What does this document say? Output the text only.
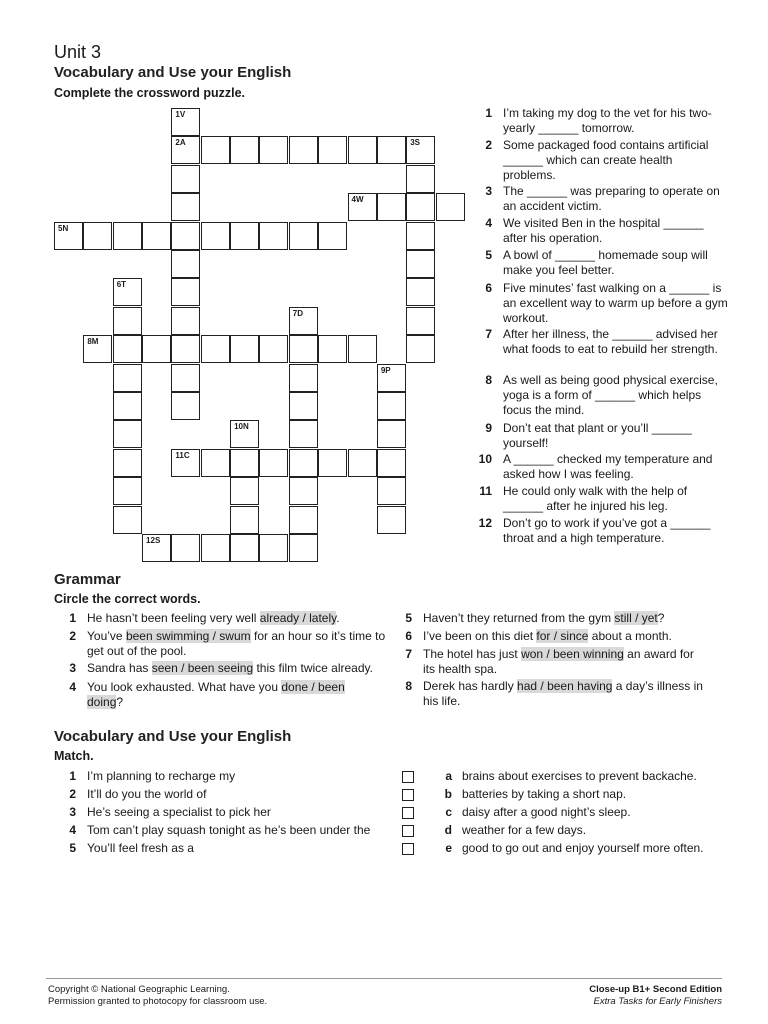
Unit 3
Vocabulary and Use your English
Complete the crossword puzzle.
1V
2A	3S
4W
5N
6T
7D
8M
9P
10N
11C
12S
1 I’m taking my dog to the vet for his two-yearly ______ tomorrow.
2 Some packaged food contains artificial ______ which can create health problems.
3 The ______ was preparing to operate on an accident victim.
4 We visited Ben in the hospital ______ after his operation.
5 A bowl of ______ homemade soup will make you feel better.
6 Five minutes’ fast walking on a ______ is an excellent way to warm up before a gym workout.
7 After her illness, the ______ advised her what foods to eat to rebuild her strength.
8 As well as being good physical exercise, yoga is a form of ______ which helps focus the mind.
9 Don’t eat that plant or you’ll ______ yourself!
10 A ______ checked my temperature and asked how I was feeling.
11 He could only walk with the help of ______ after he injured his leg.
12 Don’t go to work if you’ve got a ______ throat and a high temperature.
Grammar
Circle the correct words.
1 He hasn’t been feeling very well already / lately.
2 You’ve been swimming / swum for an hour so it’s time to get out of the pool.
3 Sandra has seen / been seeing this film twice already.
4 You look exhausted. What have you done / been doing?
5 Haven’t they returned from the gym still / yet?
6 I’ve been on this diet for / since about a month.
7 The hotel has just won / been winning an award for its health spa.
8 Derek has hardly had / been having a day’s illness in his life.
Vocabulary and Use your English
Match.
1 I’m planning to recharge my
2 It’ll do you the world of
3 He’s seeing a specialist to pick her
4 Tom can’t play squash tonight as he’s been under the
5 You’ll feel fresh as a
a brains about exercises to prevent backache.
b batteries by taking a short nap.
c daisy after a good night’s sleep.
d weather for a few days.
e good to go out and enjoy yourself more often.
Copyright © National Geographic Learning.
Permission granted to photocopy for classroom use.
Close-up B1+ Second Edition
Extra Tasks for Early Finishers
